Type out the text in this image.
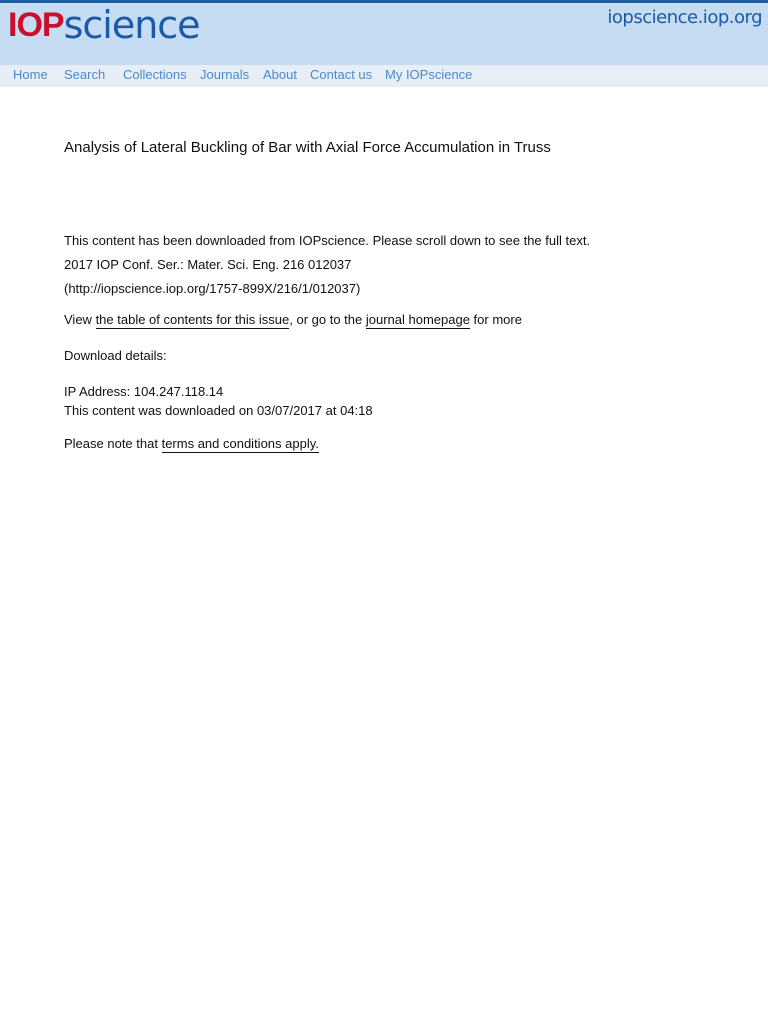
IOPscience	iopscience.iop.org
Home Search Collections Journals About Contact us My IOPscience
Analysis of Lateral Buckling of Bar with Axial Force Accumulation in Truss
This content has been downloaded from IOPscience. Please scroll down to see the full text.
2017 IOP Conf. Ser.: Mater. Sci. Eng. 216 012037
(http://iopscience.iop.org/1757-899X/216/1/012037)
View the table of contents for this issue, or go to the journal homepage for more
Download details:
IP Address: 104.247.118.14
This content was downloaded on 03/07/2017 at 04:18
Please note that terms and conditions apply.
